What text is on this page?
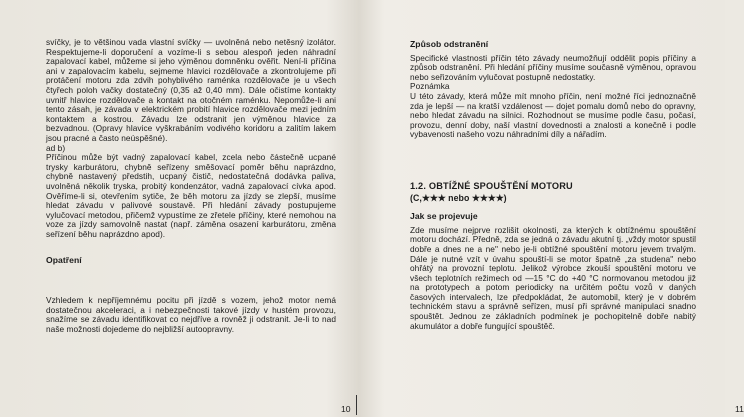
svíčky, je to většinou vada vlastní svíčky — uvolněná nebo netěsný izolátor. Respektujeme-li doporučení a vozíme-li s sebou alespoň jeden náhradní zapalovací kabel, můžeme si jeho výměnou domněnku ověřit. Není-li příčina ani v zapalovacím kabelu, sejmeme hlavici rozdělovače a zkontrolujeme při protáčení motoru zda zdvih pohyblivého raménka rozdělovače je u všech čtyřech poloh vačky dostatečný (0,35 až 0,40 mm). Dále očistíme kontakty uvnitř hlavice rozdělovače a kontakt na otočném raménku. Nepomůže-li ani tento zásah, je závada v elektrickém probití hlavice rozdělovače mezi jedním kontaktem a kostrou. Závadu lze odstranit jen výměnou hlavice za bezvadnou. (Opravy hlavice vyškrabáním vodivého koridoru a zalitím lakem jsou pracné a často neúspěšné).

ad b)

Příčinou může být vadný zapalovací kabel, zcela nebo částečně ucpané trysky karburátoru, chybně seřízeny směšovací poměr běhu naprázdno, chybně nastavený předstih, ucpaný čistič, nedostatečná dodávka paliva, uvolněná několik tryska, probitý kondenzátor, vadná zapalovací cívka apod. Ověříme-li si, otevřením sytiče, že běh motoru za jízdy se zlepší, musíme hledat závadu v palivové soustavě. Při hledání závady postupujeme vylučovací metodou, přičemž vypustíme ze zřetele příčiny, které nemohou na voze za jízdy samovolně nastat (např. záměna osazení karburátoru, změna seřízení běhu naprázdno apod).

Opatření

Vzhledem k nepříjemnému pocitu při jízdě s vozem, jehož motor nemá dostatečnou akceleraci, a i nebezpečnosti takové jízdy v hustém provozu, snažíme se závadu identifikovat co nejdříve a rovněž ji odstranit. Je-li to nad naše možnosti dojedeme do nejbližší autoopravny.

10

Způsob odstranění

Specifické vlastnosti příčin této závady neumožňují oddělit popis příčiny a způsob odstranění. Při hledání příčiny musíme současně výměnou, opravou nebo seřizováním vylučovat postupně nedostatky.

Poznámka

U této závady, která může mít mnoho příčin, není možné říci jednoznačně zda je lepší — na kratší vzdálenost — dojet pomalu domů nebo do opravny, nebo hledat závadu na silnici. Rozhodnout se musíme podle času, počasí, provozu, denní doby, naší vlastní dovednosti a znalosti a konečně i podle vybavenosti našeho vozu náhradními díly a nářadím.

1.2. OBTÍŽNÉ SPOUŠTĚNÍ MOTORU

(C,★★★ nebo ★★★★)

Jak se projevuje

Zde musíme nejprve rozlišit okolnosti, za kterých k obtížnému spouštění motoru dochází. Předně, zda se jedná o závadu akutní tj. „vždy motor spustil dobře a dnes ne a ne" nebo je-li obtížné spouštění motoru jevem trvalým. Dále je nutné vzít v úvahu spouští-li se motor špatně „za studena" nebo ohřátý na provozní teplotu. Jelikož výrobce zkouší spouštění motoru ve všech teplotních režimech od —15 °C do +40 °C normovanou metodou již na prototypech a potom periodicky na určitém počtu vozů v daných časových intervalech, lze předpokládat, že automobil, který je v dobrém technickém stavu a správně seřízen, musí při správné manipulaci snadno spouštět. Jednou ze základních podmínek je pochopitelně dobře nabitý akumulátor a dobře fungující spouštěč.

11
